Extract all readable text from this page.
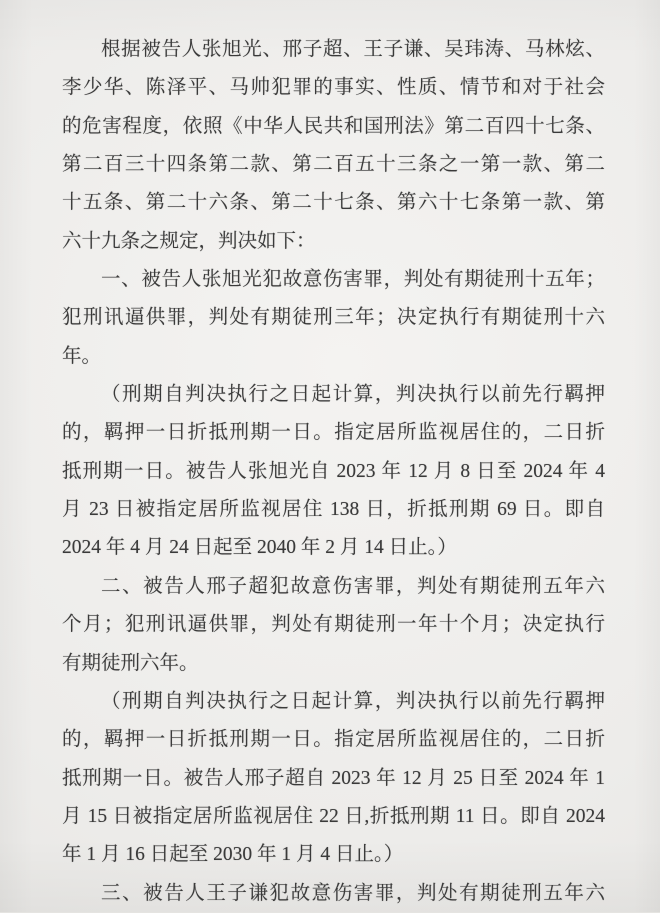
根据被告人张旭光、邢子超、王子谦、吴玮涛、马林炫、
李少华、陈泽平、马帅犯罪的事实、性质、情节和对于社会
的危害程度，依照《中华人民共和国刑法》第二百四十七条、
第二百三十四条第二款、第二百五十三条之一第一款、第二
十五条、第二十六条、第二十七条、第六十七条第一款、第
六十九条之规定，判决如下：
一、被告人张旭光犯故意伤害罪，判处有期徒刑十五年；
犯刑讯逼供罪，判处有期徒刑三年；决定执行有期徒刑十六
年。
（刑期自判决执行之日起计算，判决执行以前先行羁押
的，羁押一日折抵刑期一日。指定居所监视居住的，二日折
抵刑期一日。被告人张旭光自 2023 年 12 月 8 日至 2024 年 4
月 23 日被指定居所监视居住 138 日，折抵刑期 69 日。即自
2024 年 4 月 24 日起至 2040 年 2 月 14 日止。）
二、被告人邢子超犯故意伤害罪，判处有期徒刑五年六
个月；犯刑讯逼供罪，判处有期徒刑一年十个月；决定执行
有期徒刑六年。
（刑期自判决执行之日起计算，判决执行以前先行羁押
的，羁押一日折抵刑期一日。指定居所监视居住的，二日折
抵刑期一日。被告人邢子超自 2023 年 12 月 25 日至 2024 年 1
月 15 日被指定居所监视居住 22 日,折抵刑期 11 日。即自 2024
年 1 月 16 日起至 2030 年 1 月 4 日止。）
三、被告人王子谦犯故意伤害罪，判处有期徒刑五年六
